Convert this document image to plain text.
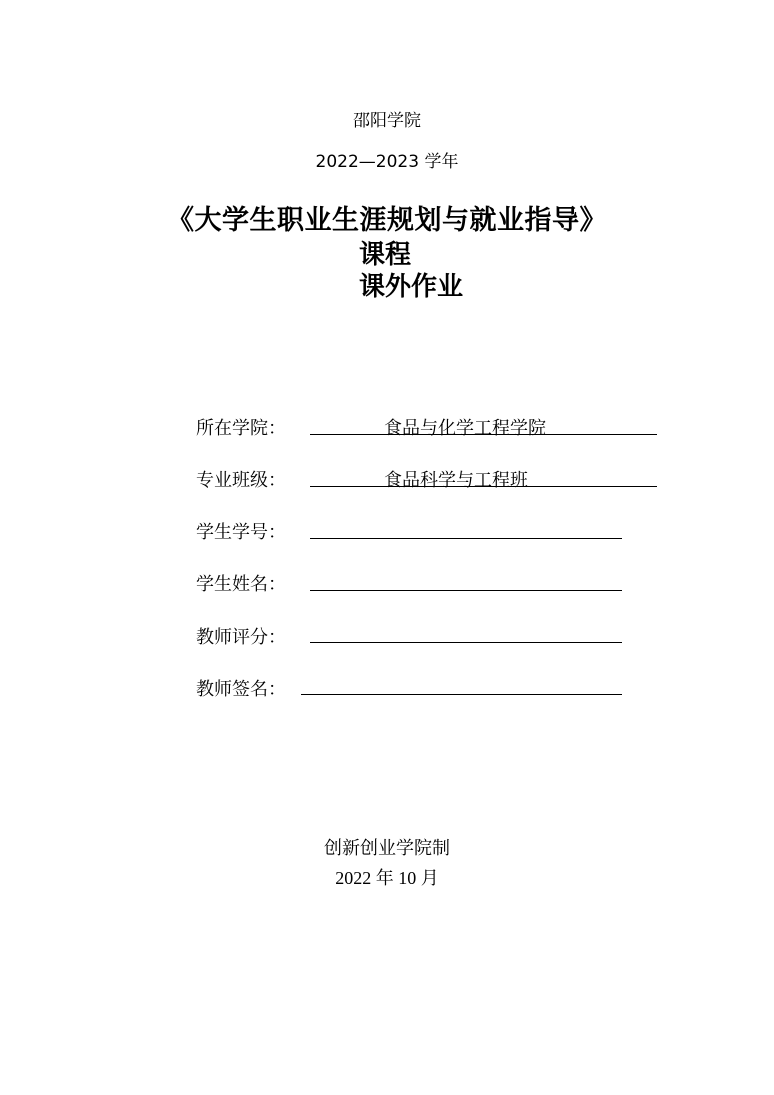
邵阳学院
2022—2023 学年
《大学生职业生涯规划与就业指导》
课程
课外作业
所在学院：	食品与化学工程学院
专业班级：	食品科学与工程班
学生学号：
学生姓名：
教师评分：
教师签名：
创新创业学院制
2022 年 10 月
